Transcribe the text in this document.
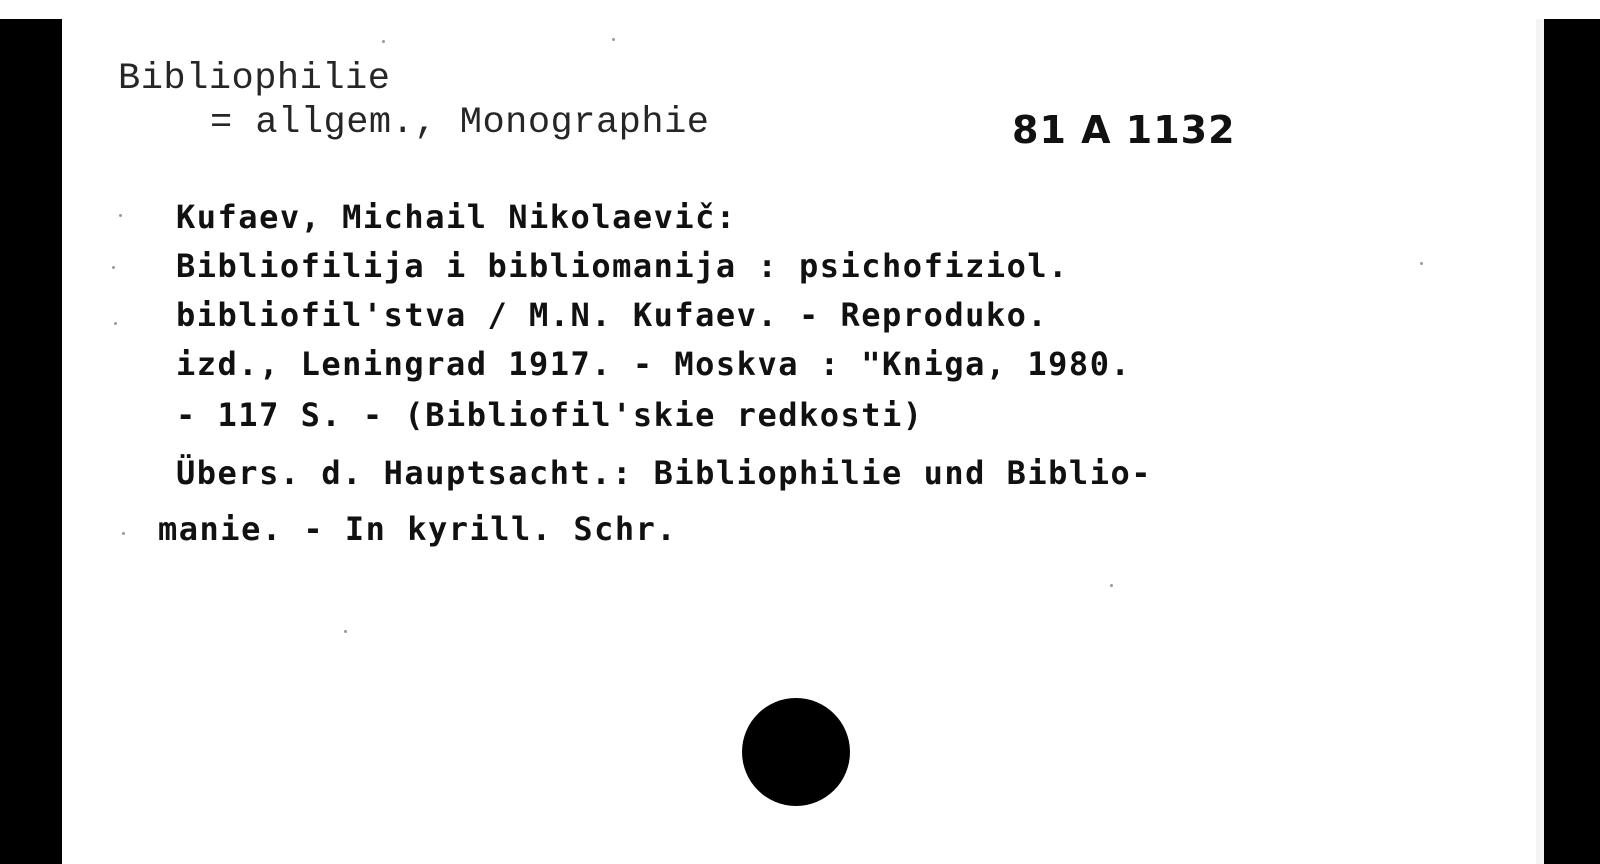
Bibliophilie

= allgem., Monographie	81 A 1132

Kufaev, Michail Nikolaevič:

Bibliofilija i bibliomanija : psichofiziol.

bibliofil'stva / M.N. Kufaev. - Reproduko.

izd., Leningrad 1917. - Moskva : "Kniga, 1980.

- 117 S. - (Bibliofil'skie redkosti)

Übers. d. Hauptsacht.: Bibliophilie und Biblio-

manie. - In kyrill. Schr.
